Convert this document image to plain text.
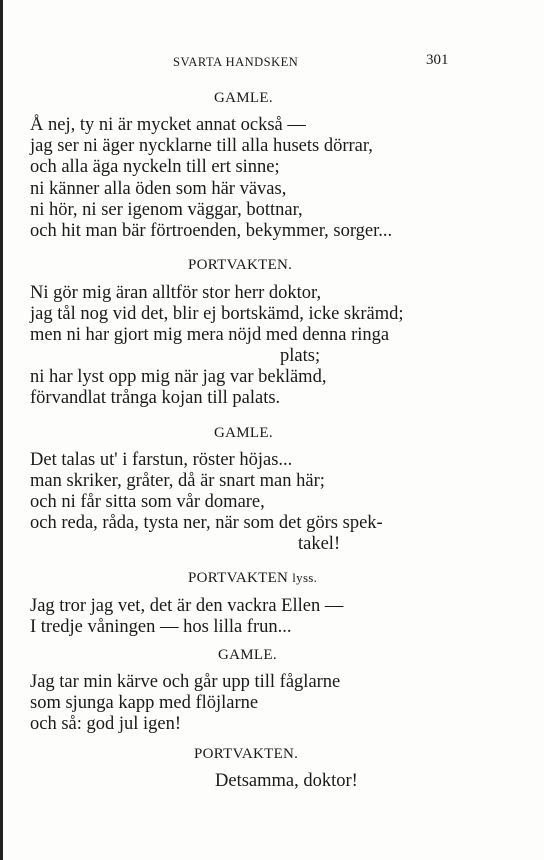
SVARTA HANDSKEN	301
GAMLE.
Å nej, ty ni är mycket annat också —
jag ser ni äger nycklarne till alla husets dörrar,
och alla äga nyckeln till ert sinne;
ni känner alla öden som här vävas,
ni hör, ni ser igenom väggar, bottnar,
och hit man bär förtroenden, bekymmer, sorger...
PORTVAKTEN.
Ni gör mig äran alltför stor herr doktor,
jag tål nog vid det, blir ej bortskämd, icke skrämd;
men ni har gjort mig mera nöjd med denna ringa
plats;
ni har lyst opp mig när jag var beklämd,
förvandlat trånga kojan till palats.
GAMLE.
Det talas ut' i farstun, röster höjas...
man skriker, gråter, då är snart man här;
och ni får sitta som vår domare,
och reda, råda, tysta ner, när som det görs spek-
takel!
PORTVAKTEN lyss.
Jag tror jag vet, det är den vackra Ellen —
I tredje våningen — hos lilla frun...
GAMLE.
Jag tar min kärve och går upp till fåglarne
som sjunga kapp med flöjlarne
och så: god jul igen!
PORTVAKTEN.
Detsamma, doktor!
